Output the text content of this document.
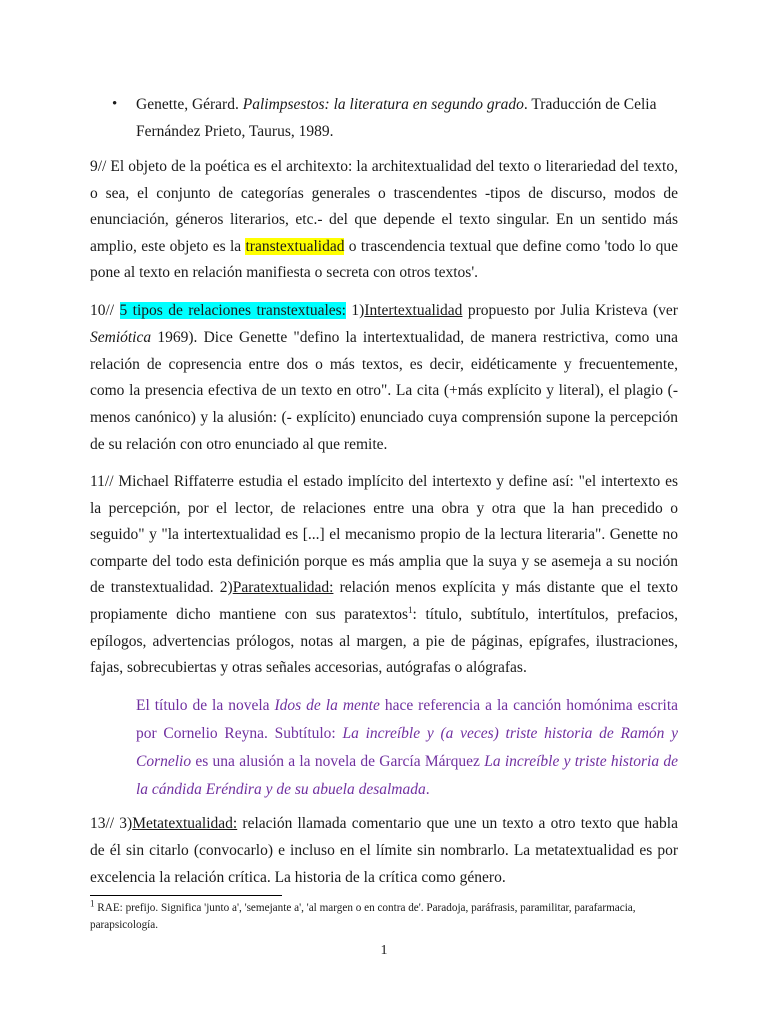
• Genette, Gérard. Palimpsestos: la literatura en segundo grado. Traducción de Celia Fernández Prieto, Taurus, 1989.
9// El objeto de la poética es el architexto: la architextualidad del texto o literariedad del texto, o sea, el conjunto de categorías generales o trascendentes -tipos de discurso, modos de enunciación, géneros literarios, etc.- del que depende el texto singular. En un sentido más amplio, este objeto es la transtextualidad o trascendencia textual que define como 'todo lo que pone al texto en relación manifiesta o secreta con otros textos'.
10// 5 tipos de relaciones transtextuales: 1)Intertextualidad propuesto por Julia Kristeva (ver Semiótica 1969). Dice Genette "defino la intertextualidad, de manera restrictiva, como una relación de copresencia entre dos o más textos, es decir, eidéticamente y frecuentemente, como la presencia efectiva de un texto en otro". La cita (+más explícito y literal), el plagio (-menos canónico) y la alusión: (- explícito) enunciado cuya comprensión supone la percepción de su relación con otro enunciado al que remite.
11// Michael Riffaterre estudia el estado implícito del intertexto y define así: "el intertexto es la percepción, por el lector, de relaciones entre una obra y otra que la han precedido o seguido" y "la intertextualidad es [...] el mecanismo propio de la lectura literaria". Genette no comparte del todo esta definición porque es más amplia que la suya y se asemeja a su noción de transtextualidad. 2)Paratextualidad: relación menos explícita y más distante que el texto propiamente dicho mantiene con sus paratextos$^1$: título, subtítulo, intertítulos, prefacios, epílogos, advertencias prólogos, notas al margen, a pie de páginas, epígrafes, ilustraciones, fajas, sobrecubiertas y otras señales accesorias, autógrafas o alógrafas.
El título de la novela Idos de la mente hace referencia a la canción homónima escrita por Cornelio Reyna. Subtítulo: La increíble y (a veces) triste historia de Ramón y Cornelio es una alusión a la novela de García Márquez La increíble y triste historia de la cándida Eréndira y de su abuela desalmada.
13// 3)Metatextualidad: relación llamada comentario que une un texto a otro texto que habla de él sin citarlo (convocarlo) e incluso en el límite sin nombrarlo. La metatextualidad es por excelencia la relación crítica. La historia de la crítica como género.
$^1$ RAE: prefijo. Significa 'junto a', 'semejante a', 'al margen o en contra de'. Paradoja, paráfrasis, paramilitar, parafarmacia, parapsicología.
1
